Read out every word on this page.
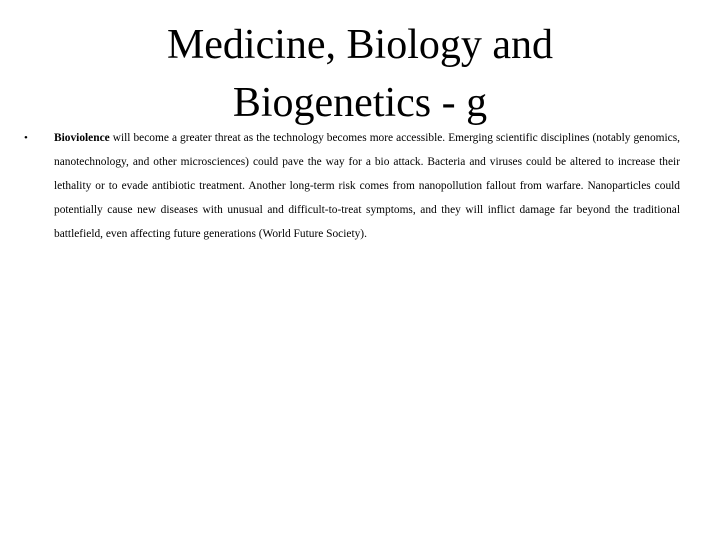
Medicine, Biology and
Biogenetics - g
• Bioviolence will become a greater threat as the technology becomes more accessible. Emerging scientific disciplines (notably genomics, nanotechnology, and other microsciences) could pave the way for a bio attack. Bacteria and viruses could be altered to increase their lethality or to evade antibiotic treatment. Another long-term risk comes from nanopollution fallout from warfare. Nanoparticles could potentially cause new diseases with unusual and difficult-to-treat symptoms, and they will inflict damage far beyond the traditional battlefield, even affecting future generations (World Future Society).
